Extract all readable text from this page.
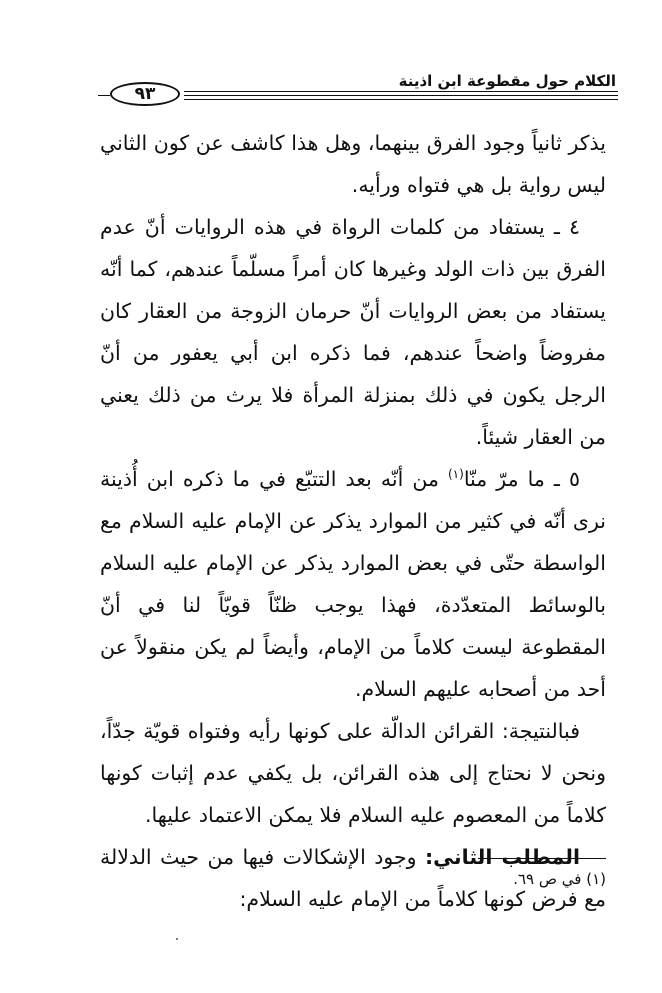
الكلام حول مقطوعة ابن اذينة
٩٣

يذكر ثانياً وجود الفرق بينهما، وهل هذا كاشف عن كون الثاني ليس رواية بل هي فتواه ورأيه.

٤ ـ يستفاد من كلمات الرواة في هذه الروايات أنّ عدم الفرق بين ذات الولد وغيرها كان أمراً مسلّماً عندهم، كما أنّه يستفاد من بعض الروايات أنّ حرمان الزوجة من العقار كان مفروضاً واضحاً عندهم، فما ذكره ابن أبي يعفور من أنّ الرجل يكون في ذلك بمنزلة المرأة فلا يرث من ذلك يعني من العقار شيئاً.

٥ ـ ما مرّ منّا$^{(١)}$ من أنّه بعد التتبّع في ما ذكره ابن أُذينة نرى أنّه في كثير من الموارد يذكر عن الإمام عليه السلام مع الواسطة حتّى في بعض الموارد يذكر عن الإمام عليه السلام بالوسائط المتعدّدة، فهذا يوجب ظنّاً قويّاً لنا في أنّ المقطوعة ليست كلاماً من الإمام، وأيضاً لم يكن منقولاً عن أحد من أصحابه عليهم السلام.

فبالنتيجة: القرائن الدالّة على كونها رأيه وفتواه قويّة جدّاً، ونحن لا نحتاج إلى هذه القرائن، بل يكفي عدم إثبات كونها كلاماً من المعصوم عليه السلام فلا يمكن الاعتماد عليها.

المطلب الثاني: وجود الإشكالات فيها من حيث الدلالة مع فرض كونها كلاماً من الإمام عليه السلام:

(١) في ص ٦٩.
